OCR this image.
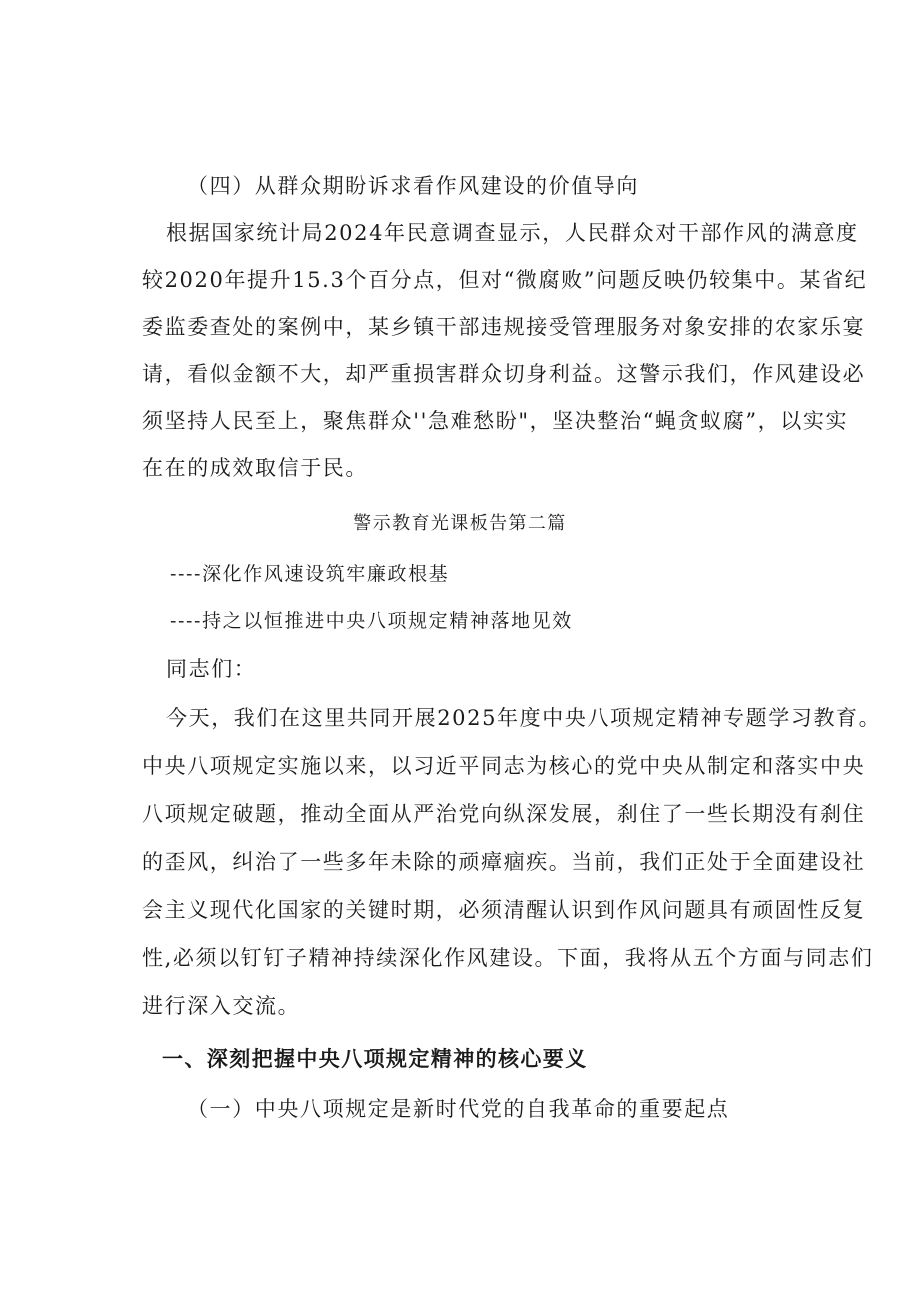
（四）从群众期盼诉求看作风建设的价值导向
根据国家统计局2024年民意调查显示，人民群众对干部作风的满意度
较2020年提升15.3个百分点，但对“微腐败”问题反映仍较集中。某省纪
委监委查处的案例中，某乡镇干部违规接受管理服务对象安排的农家乐宴
请，看似金额不大，却严重损害群众切身利益。这警示我们，作风建设必
须坚持人民至上，聚焦群众''急难愁盼"，坚决整治“蝇贪蚁腐”，以实实
在在的成效取信于民。
警示教育光课板告第二篇
----深化作风速设筑牢廉政根基
----持之以恒推进中央八项规定精神落地见效
同志们：
今天，我们在这里共同开展2025年度中央八项规定精神专题学习教育。
中央八项规定实施以来，以习近平同志为核心的党中央从制定和落实中央
八项规定破题，推动全面从严治党向纵深发展，刹住了一些长期没有刹住
的歪风，纠治了一些多年未除的顽瘴痼疾。当前，我们正处于全面建设社
会主义现代化国家的关键时期，必须清醒认识到作风问题具有顽固性反复
性,必须以钉钉子精神持续深化作风建设。下面，我将从五个方面与同志们
进行深入交流。
一、深刻把握中央八项规定精神的核心要义
（一）中央八项规定是新时代党的自我革命的重要起点
